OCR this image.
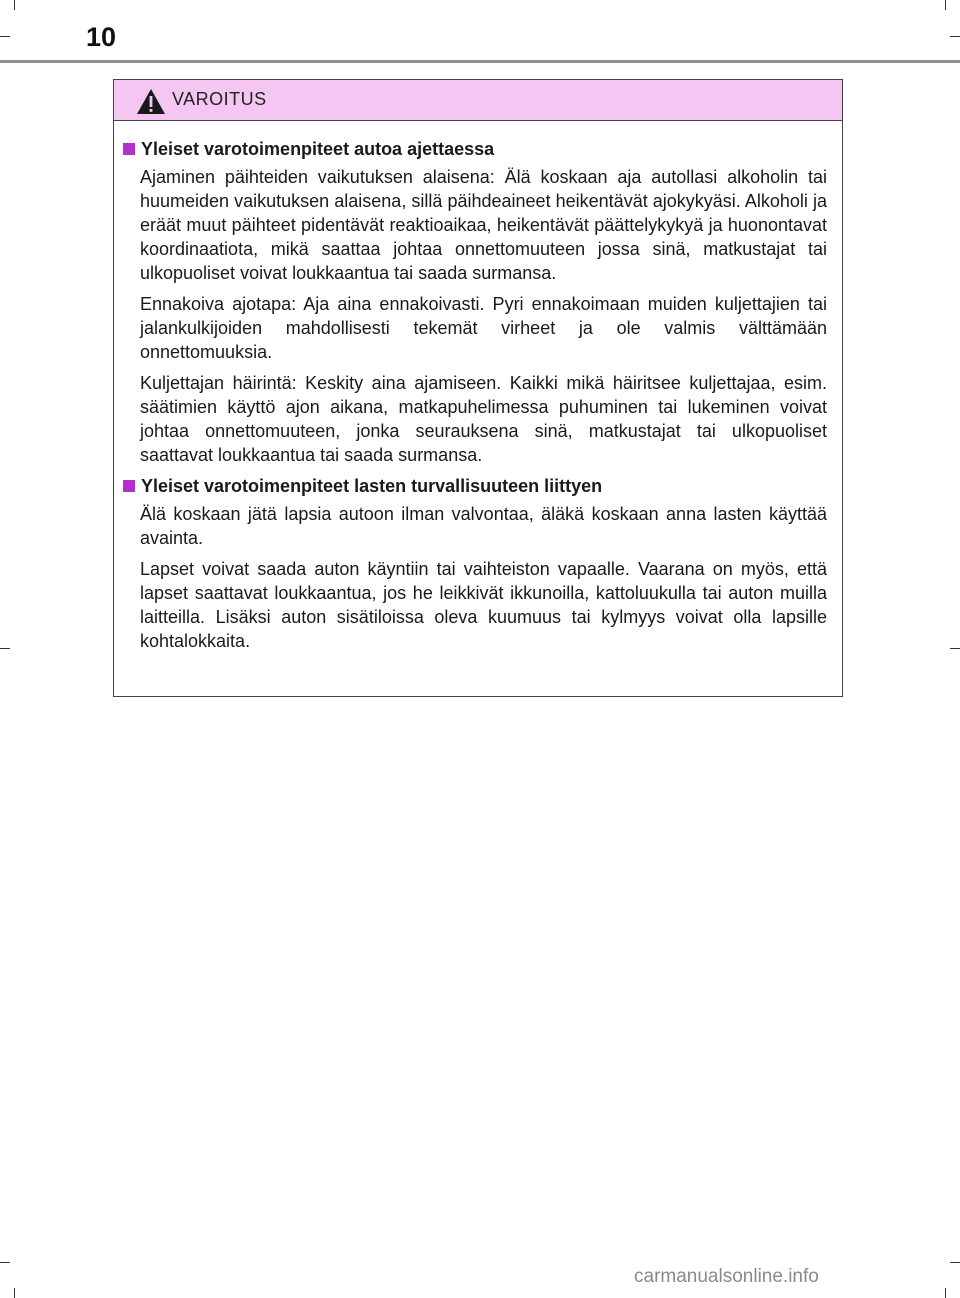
10
VAROITUS
Yleiset varotoimenpiteet autoa ajettaessa

Ajaminen päihteiden vaikutuksen alaisena: Älä koskaan aja autollasi alkoholin tai huumeiden vaikutuksen alaisena, sillä päihdeaineet heikentävät ajokykyäsi. Alkoholi ja eräät muut päihteet pidentävät reaktioaikaa, heikentävät päättelykykyä ja huonontavat koordinaatiota, mikä saattaa johtaa onnettomuuteen jossa sinä, matkustajat tai ulkopuoliset voivat loukkaantua tai saada surmansa.

Ennakoiva ajotapa: Aja aina ennakoivasti. Pyri ennakoimaan muiden kuljettajien tai jalankulkijoiden mahdollisesti tekemät virheet ja ole valmis välttämään onnettomuuksia.

Kuljettajan häirintä: Keskity aina ajamiseen. Kaikki mikä häiritsee kuljettajaa, esim. säätimien käyttö ajon aikana, matkapuhelimessa puhuminen tai lukeminen voivat johtaa onnettomuuteen, jonka seurauksena sinä, matkustajat tai ulkopuoliset saattavat loukkaantua tai saada surmansa.

Yleiset varotoimenpiteet lasten turvallisuuteen liittyen

Älä koskaan jätä lapsia autoon ilman valvontaa, äläkä koskaan anna lasten käyttää avainta.

Lapset voivat saada auton käyntiin tai vaihteiston vapaalle. Vaarana on myös, että lapset saattavat loukkaantua, jos he leikkivät ikkunoilla, kattoluukulla tai auton muilla laitteilla. Lisäksi auton sisätiloissa oleva kuumuus tai kylmyys voivat olla lapsille kohtalokkaita.

carmanualsonline.info
